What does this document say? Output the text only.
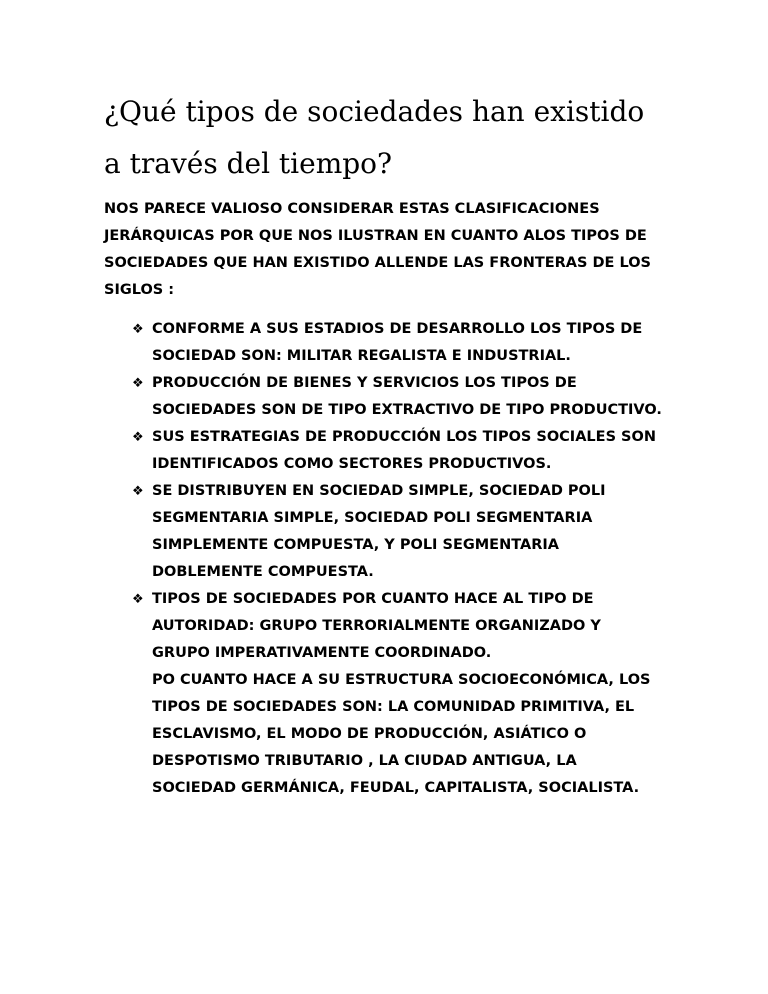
¿Qué tipos de sociedades han existido a través del tiempo?

NOS PARECE VALIOSO CONSIDERAR ESTAS CLASIFICACIONES JERÁRQUICAS POR QUE NOS ILUSTRAN EN CUANTO ALOS TIPOS DE SOCIEDADES QUE HAN EXISTIDO ALLENDE LAS FRONTERAS DE LOS SIGLOS :

❖ CONFORME A SUS ESTADIOS DE DESARROLLO LOS TIPOS DE SOCIEDAD SON: MILITAR REGALISTA E INDUSTRIAL.
❖ PRODUCCIÓN DE BIENES Y SERVICIOS LOS TIPOS DE SOCIEDADES SON DE TIPO EXTRACTIVO DE TIPO PRODUCTIVO.
❖ SUS ESTRATEGIAS DE PRODUCCIÓN LOS TIPOS SOCIALES SON IDENTIFICADOS COMO SECTORES PRODUCTIVOS.
❖ SE DISTRIBUYEN EN SOCIEDAD SIMPLE, SOCIEDAD POLI SEGMENTARIA SIMPLE, SOCIEDAD POLI SEGMENTARIA SIMPLEMENTE COMPUESTA, Y POLI SEGMENTARIA DOBLEMENTE COMPUESTA.
❖ TIPOS DE SOCIEDADES POR CUANTO HACE AL TIPO DE AUTORIDAD: GRUPO TERRORIALMENTE ORGANIZADO Y GRUPO IMPERATIVAMENTE COORDINADO.

PO CUANTO HACE A SU ESTRUCTURA SOCIOECONÓMICA, LOS TIPOS DE SOCIEDADES SON: LA COMUNIDAD PRIMITIVA, EL ESCLAVISMO, EL MODO DE PRODUCCIÓN, ASIÁTICO O DESPOTISMO TRIBUTARIO , LA CIUDAD ANTIGUA, LA SOCIEDAD GERMÁNICA, FEUDAL, CAPITALISTA, SOCIALISTA.
